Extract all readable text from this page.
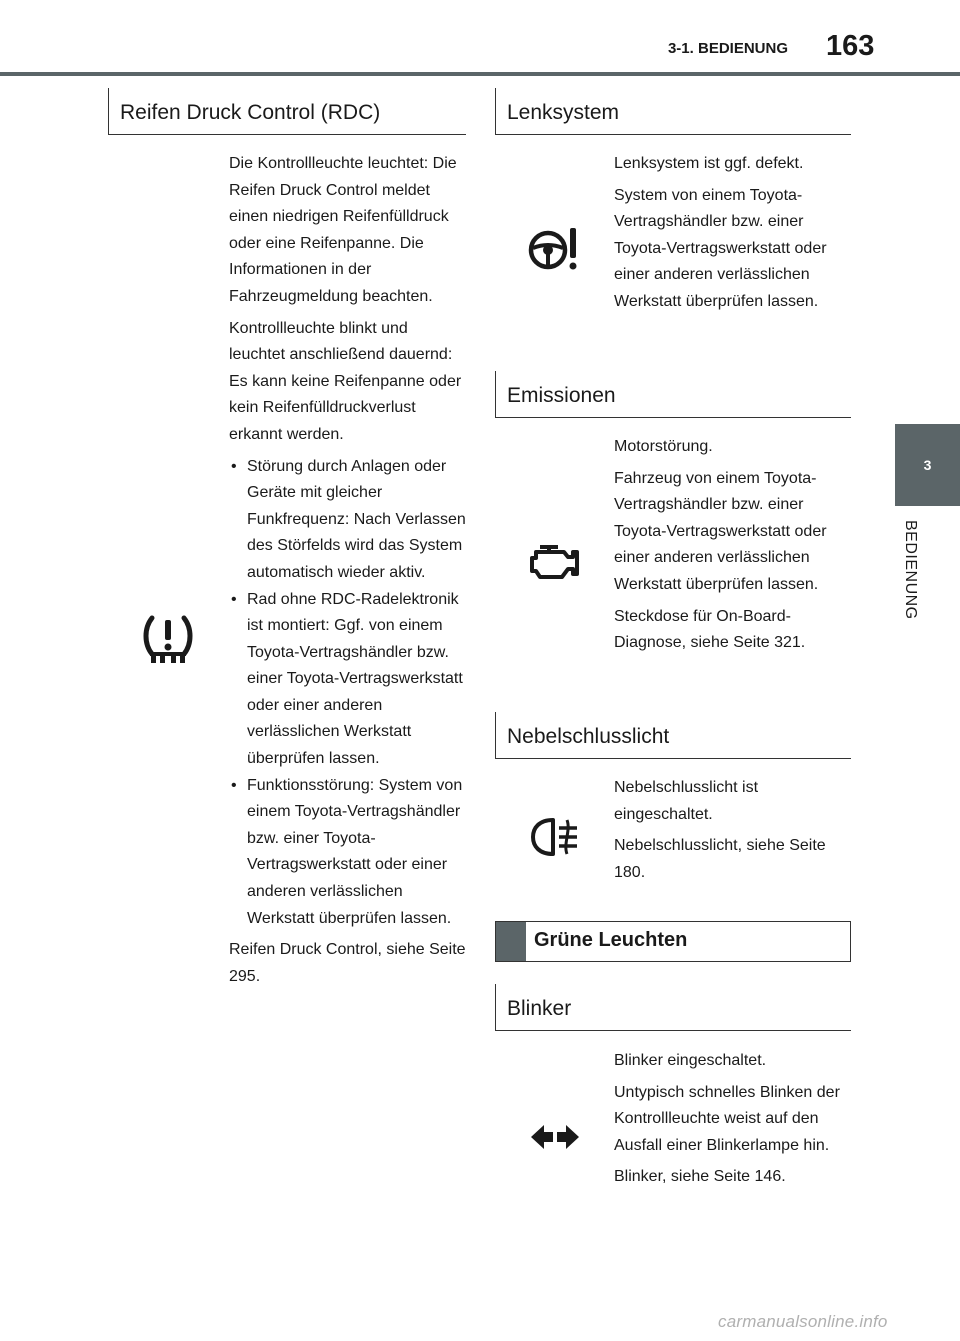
3-1. BEDIENUNG 163
3
BEDIENUNG
Reifen Druck Control (RDC)

Die Kontrollleuchte leuchtet: Die Reifen Druck Control meldet einen niedrigen Reifenfülldruck oder eine Reifenpanne. Die Informationen in der Fahrzeugmeldung beachten.

Kontrollleuchte blinkt und leuchtet anschließend dauernd: Es kann keine Reifenpanne oder kein Reifenfülldruckverlust erkannt werden.

• Störung durch Anlagen oder Geräte mit gleicher Funkfrequenz: Nach Verlassen des Störfelds wird das System automatisch wieder aktiv.
• Rad ohne RDC-Radelektronik ist montiert: Ggf. von einem Toyota-Vertragshändler bzw. einer Toyota-Vertragswerkstatt oder einer anderen verlässlichen Werkstatt überprüfen lassen.
• Funktionsstörung: System von einem Toyota-Vertragshändler bzw. einer Toyota-Vertragswerkstatt oder einer anderen verlässlichen Werkstatt überprüfen lassen.

Reifen Druck Control, siehe Seite 295.

Lenksystem

Lenksystem ist ggf. defekt.

System von einem Toyota-Vertragshändler bzw. einer Toyota-Vertragswerkstatt oder einer anderen verlässlichen Werkstatt überprüfen lassen.

Emissionen

Motorstörung.

Fahrzeug von einem Toyota-Vertragshändler bzw. einer Toyota-Vertragswerkstatt oder einer anderen verlässlichen Werkstatt überprüfen lassen.

Steckdose für On-Board-Diagnose, siehe Seite 321.

Nebelschlusslicht

Nebelschlusslicht ist eingeschaltet.

Nebelschlusslicht, siehe Seite 180.

Grüne Leuchten
Blinker

Blinker eingeschaltet.

Untypisch schnelles Blinken der Kontrollleuchte weist auf den Ausfall einer Blinkerlampe hin.

Blinker, siehe Seite 146.

carmanualsonline.info
